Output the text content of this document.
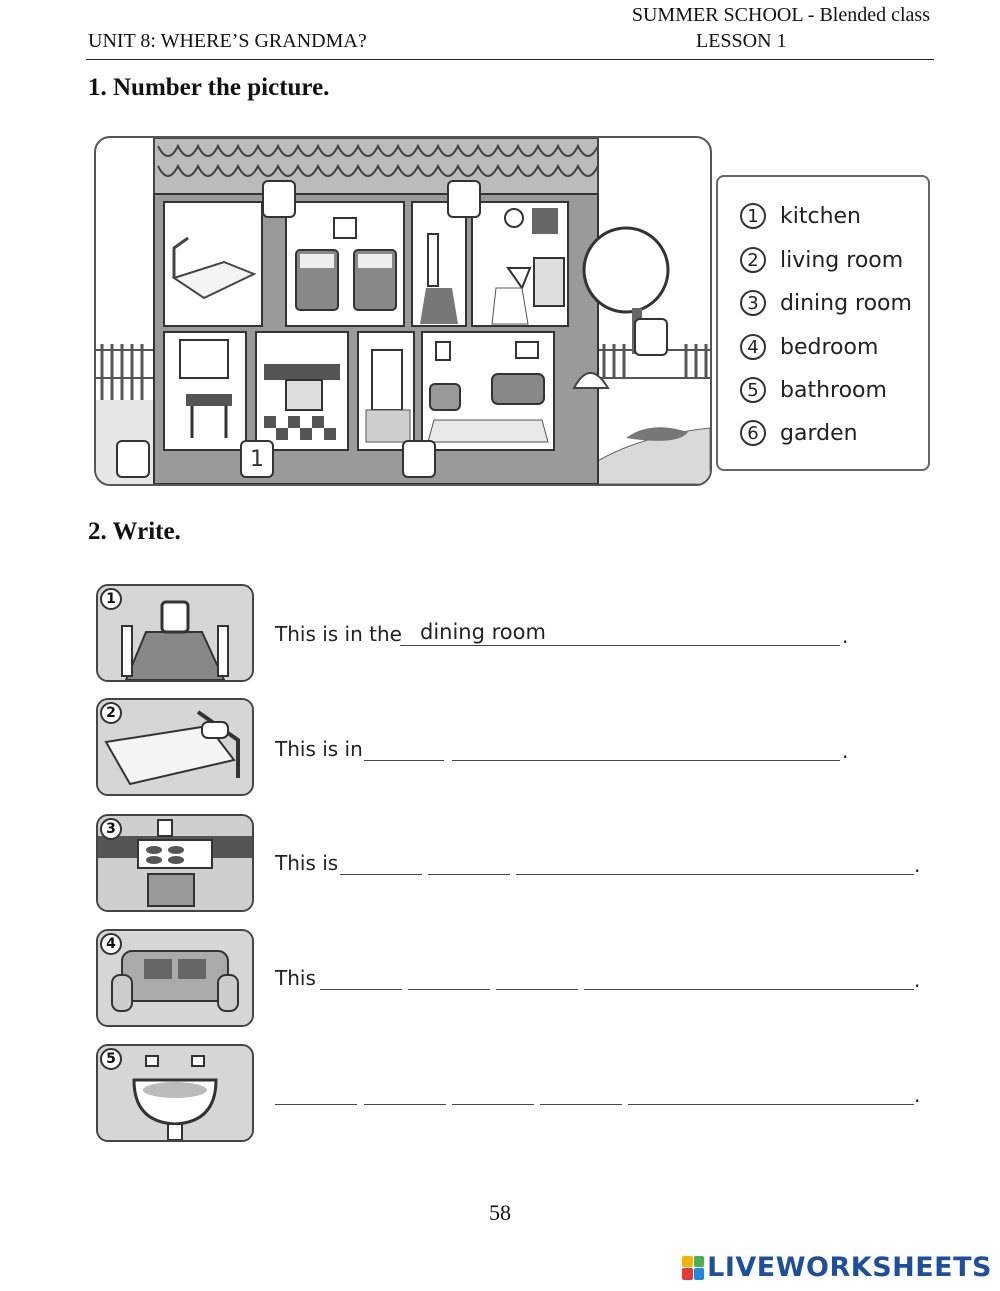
SUMMER SCHOOL - Blended class
UNIT 8: WHERE’S GRANDMA?	LESSON 1
1. Number the picture.
1
1 kitchen
2 living room
3 dining room
4 bedroom
5 bathroom
6 garden
2. Write.
1
This is in the dining room	.
2
This is in	.
3
This is	.
4
This	.
5
.
58
LIVEWORKSHEETS
